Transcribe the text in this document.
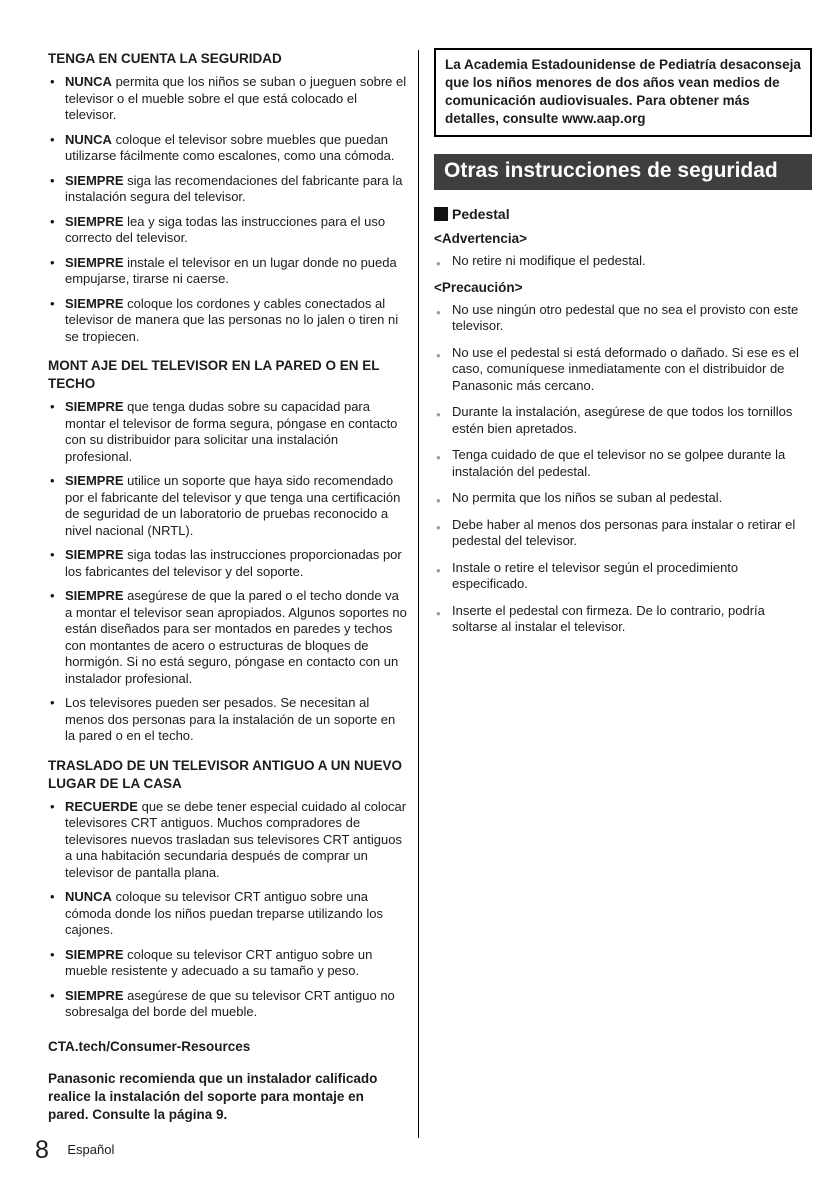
TENGA EN CUENTA LA SEGURIDAD
• NUNCA permita que los niños se suban o jueguen sobre el televisor o el mueble sobre el que está colocado el televisor.
• NUNCA coloque el televisor sobre muebles que puedan utilizarse fácilmente como escalones, como una cómoda.
• SIEMPRE siga las recomendaciones del fabricante para la instalación segura del televisor.
• SIEMPRE lea y siga todas las instrucciones para el uso correcto del televisor.
• SIEMPRE instale el televisor en un lugar donde no pueda empujarse, tirarse ni caerse.
• SIEMPRE coloque los cordones y cables conectados al televisor de manera que las personas no lo jalen o tiren ni se tropiecen.
MONT AJE DEL TELEVISOR EN LA PARED O EN EL TECHO
• SIEMPRE que tenga dudas sobre su capacidad para montar el televisor de forma segura, póngase en contacto con su distribuidor para solicitar una instalación profesional.
• SIEMPRE utilice un soporte que haya sido recomendado por el fabricante del televisor y que tenga una certificación de seguridad de un laboratorio de pruebas reconocido a nivel nacional (NRTL).
• SIEMPRE siga todas las instrucciones proporcionadas por los fabricantes del televisor y del soporte.
• SIEMPRE asegúrese de que la pared o el techo donde va a montar el televisor sean apropiados. Algunos soportes no están diseñados para ser montados en paredes y techos con montantes de acero o estructuras de bloques de hormigón. Si no está seguro, póngase en contacto con un instalador profesional.
• Los televisores pueden ser pesados. Se necesitan al menos dos personas para la instalación de un soporte en la pared o en el techo.
TRASLADO DE UN TELEVISOR ANTIGUO A UN NUEVO LUGAR DE LA CASA
• RECUERDE que se debe tener especial cuidado al colocar televisores CRT antiguos. Muchos compradores de televisores nuevos trasladan sus televisores CRT antiguos a una habitación secundaria después de comprar un televisor de pantalla plana.
• NUNCA coloque su televisor CRT antiguo sobre una cómoda donde los niños puedan treparse utilizando los cajones.
• SIEMPRE coloque su televisor CRT antiguo sobre un mueble resistente y adecuado a su tamaño y peso.
• SIEMPRE asegúrese de que su televisor CRT antiguo no sobresalga del borde del mueble.

CTA.tech/Consumer-Resources

Panasonic recomienda que un instalador calificado realice la instalación del soporte para montaje en pared. Consulte la página 9.

La Academia Estadounidense de Pediatría desaconseja que los niños menores de dos años vean medios de comunicación audiovisuales. Para obtener más detalles, consulte www.aap.org
Otras instrucciones de seguridad
Pedestal

<Advertencia>

● No retire ni modifique el pedestal.

<Precaución>

● No use ningún otro pedestal que no sea el provisto con este televisor.
● No use el pedestal si está deformado o dañado. Si ese es el caso, comuníquese inmediatamente con el distribuidor de Panasonic más cercano.
● Durante la instalación, asegúrese de que todos los tornillos estén bien apretados.
● Tenga cuidado de que el televisor no se golpee durante la instalación del pedestal.
● No permita que los niños se suban al pedestal.
● Debe haber al menos dos personas para instalar o retirar el pedestal del televisor.
● Instale o retire el televisor según el procedimiento especificado.
● Inserte el pedestal con firmeza. De lo contrario, podría soltarse al instalar el televisor.
8 $^{Español}$
